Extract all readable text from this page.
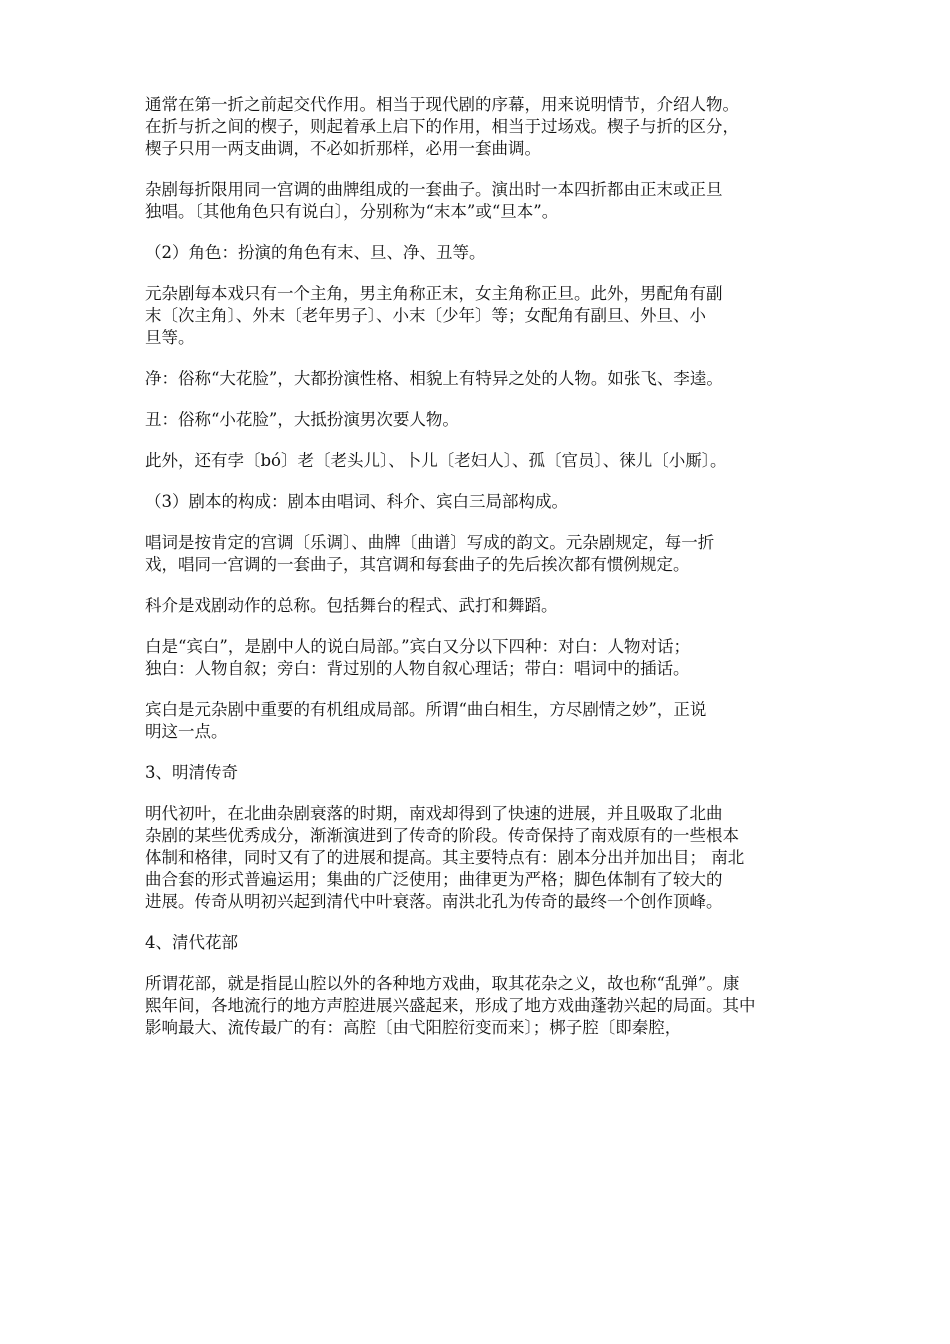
通常在第一折之前起交代作用。相当于现代剧的序幕，用来说明情节，介绍人物。
在折与折之间的楔子，则起着承上启下的作用，相当于过场戏。楔子与折的区分，
楔子只用一两支曲调，不必如折那样，必用一套曲调。
杂剧每折限用同一宫调的曲牌组成的一套曲子。演出时一本四折都由正末或正旦
独唱。〔其他角色只有说白〕，分别称为“末本”或“旦本”。
（2）角色：扮演的角色有末、旦、净、丑等。
元杂剧每本戏只有一个主角，男主角称正末，女主角称正旦。此外，男配角有副
末〔次主角〕、外末〔老年男子〕、小末〔少年〕等；女配角有副旦、外旦、小
旦等。
净：俗称“大花脸”，大都扮演性格、相貌上有特异之处的人物。如张飞、李逵。
丑：俗称“小花脸”，大抵扮演男次要人物。
此外，还有孛〔bó〕老〔老头儿〕、卜儿〔老妇人〕、孤〔官员〕、徕儿〔小厮〕。
（3）剧本的构成：剧本由唱词、科介、宾白三局部构成。
唱词是按肯定的宫调〔乐调〕、曲牌〔曲谱〕写成的韵文。元杂剧规定，每一折
戏，唱同一宫调的一套曲子，其宫调和每套曲子的先后挨次都有惯例规定。
科介是戏剧动作的总称。包括舞台的程式、武打和舞蹈。
白是“宾白”，是剧中人的说白局部。”宾白又分以下四种：对白：人物对话；
独白：人物自叙；旁白：背过别的人物自叙心理话；带白：唱词中的插话。
宾白是元杂剧中重要的有机组成局部。所谓“曲白相生，方尽剧情之妙”，正说
明这一点。
3、明清传奇
明代初叶，在北曲杂剧衰落的时期，南戏却得到了快速的进展，并且吸取了北曲
杂剧的某些优秀成分，渐渐演进到了传奇的阶段。传奇保持了南戏原有的一些根本
体制和格律，同时又有了的进展和提高。其主要特点有：剧本分出并加出目； 南北
曲合套的形式普遍运用；集曲的广泛使用；曲律更为严格；脚色体制有了较大的
进展。传奇从明初兴起到清代中叶衰落。南洪北孔为传奇的最终一个创作顶峰。
4、清代花部
所谓花部，就是指昆山腔以外的各种地方戏曲，取其花杂之义，故也称“乱弹”。康
熙年间，各地流行的地方声腔进展兴盛起来，形成了地方戏曲蓬勃兴起的局面。其中
影响最大、流传最广的有：高腔〔由弋阳腔衍变而来〕；梆子腔〔即秦腔，
